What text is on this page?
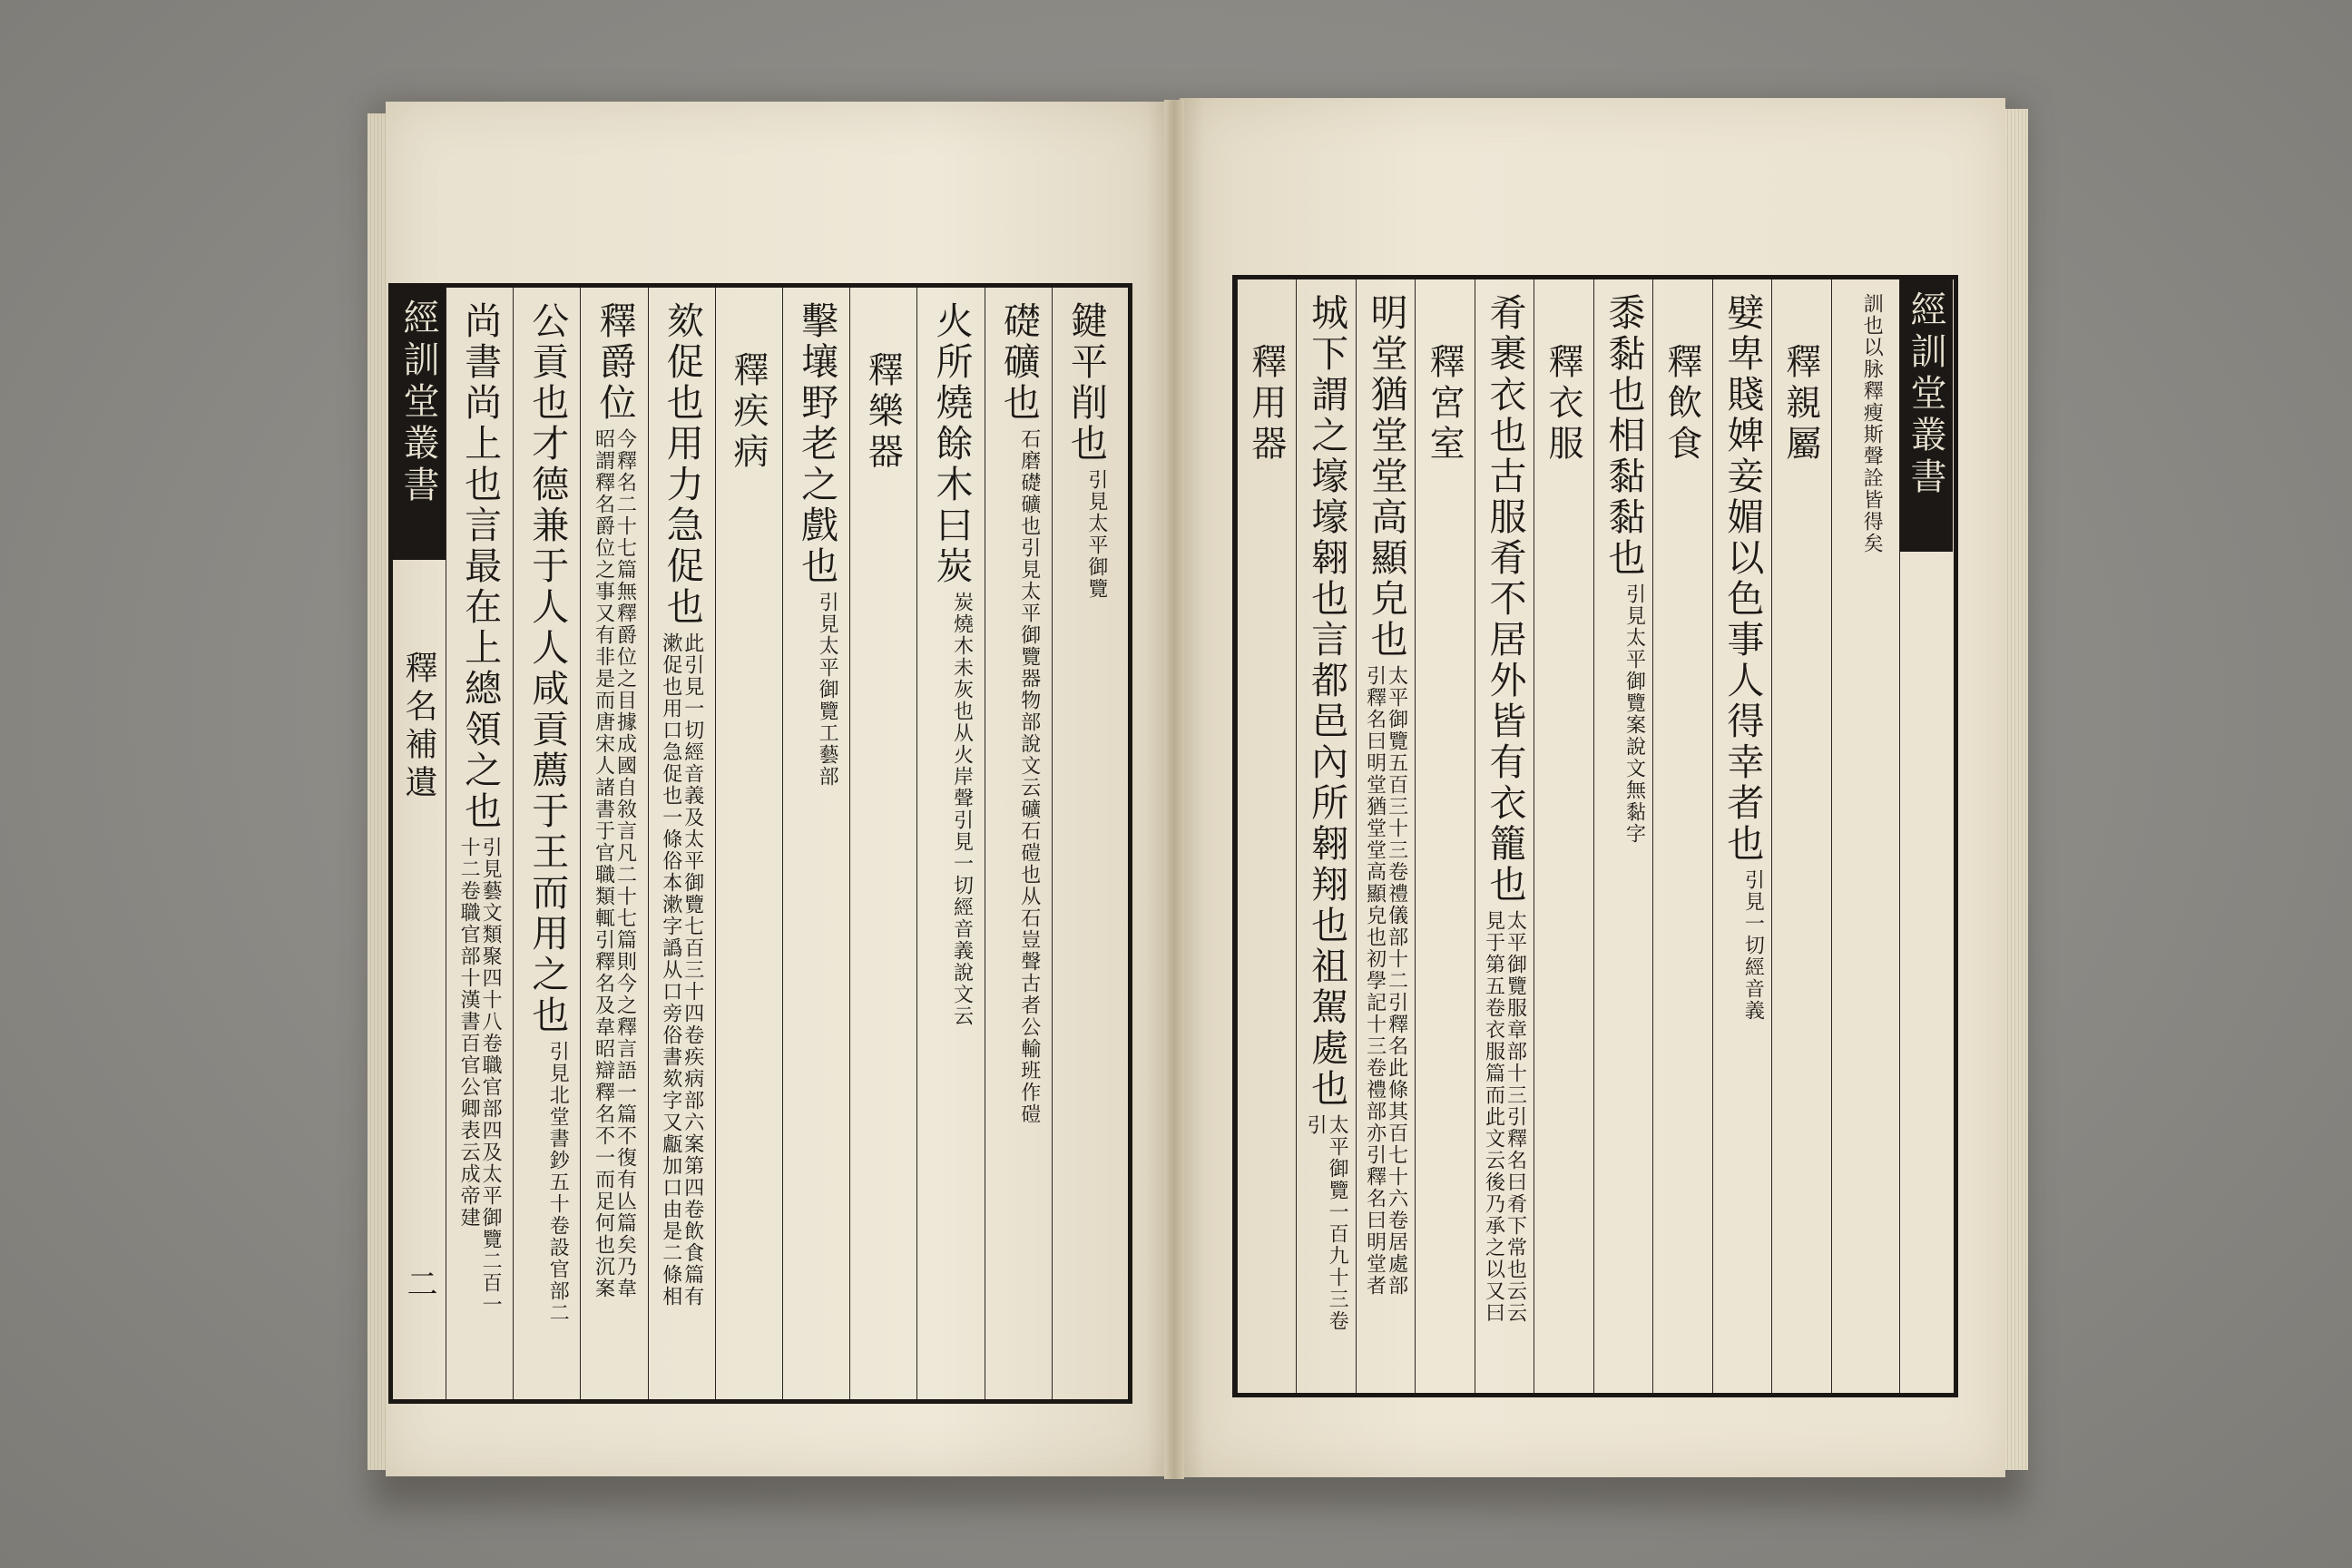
經訓堂叢書
釋名補遺
二
鍵平削也
引見太平御覽
礎礦也
石磨礎礦也引見太平御覽器物部說文云礦石磑也从石豈聲古者公輸班作磑
火所燒餘木曰炭
炭燒木未灰也从火岸聲引見一切經音義說文云
釋樂器
擊壤野老之戲也
引見太平御覽工藝部
釋疾病
欬促也用力急促也
此引見一切經音義及太平御覽七百三十四卷疾病部六案第四卷飲食篇有
漱促也用口急促也一條俗本漱字譌从口旁俗書欬字又甗加口由是二條相
釋爵位
今釋名二十七篇無釋爵位之目據成國自敘言凡二十七篇則今之釋言語一篇不復有亾篇矣乃韋
昭謂釋名爵位之事又有非是而唐宋人諸書于官職類輒引釋名及韋昭辯釋名不一而足何也沉案
公貢也才德兼于人人咸貢薦于王而用之也
引見北堂書鈔五十卷設官部二
尚書尚上也言最在上總領之也
引見藝文類聚四十八卷職官部四及太平御覽二百一
十二卷職官部十漢書百官公卿表云成帝建
訓也以脉釋瘦斯聲詮皆得矣
釋親屬
嬖卑賤婢妾媚以色事人得幸者也
引見一切經音義
釋飲食
黍黏也相黏黏也
引見太平御覽案說文無黏字
釋衣服
肴裹衣也古服肴不居外皆有衣籠也
太平御覽服章部十三引釋名曰肴下常也云云
見于第五卷衣服篇而此文云後乃承之以又曰
釋宮室
明堂猶堂堂高顯皃也
太平御覽五百三十三卷禮儀部十二引釋名此條其百七十六卷居處部
引釋名曰明堂猶堂堂高顯皃也初學記十三卷禮部亦引釋名曰明堂者
城下謂之壕壕翱也言都邑內所翱翔也祖駕處也
太平御覽一百九十三卷
引
釋用器	經訓堂叢書
